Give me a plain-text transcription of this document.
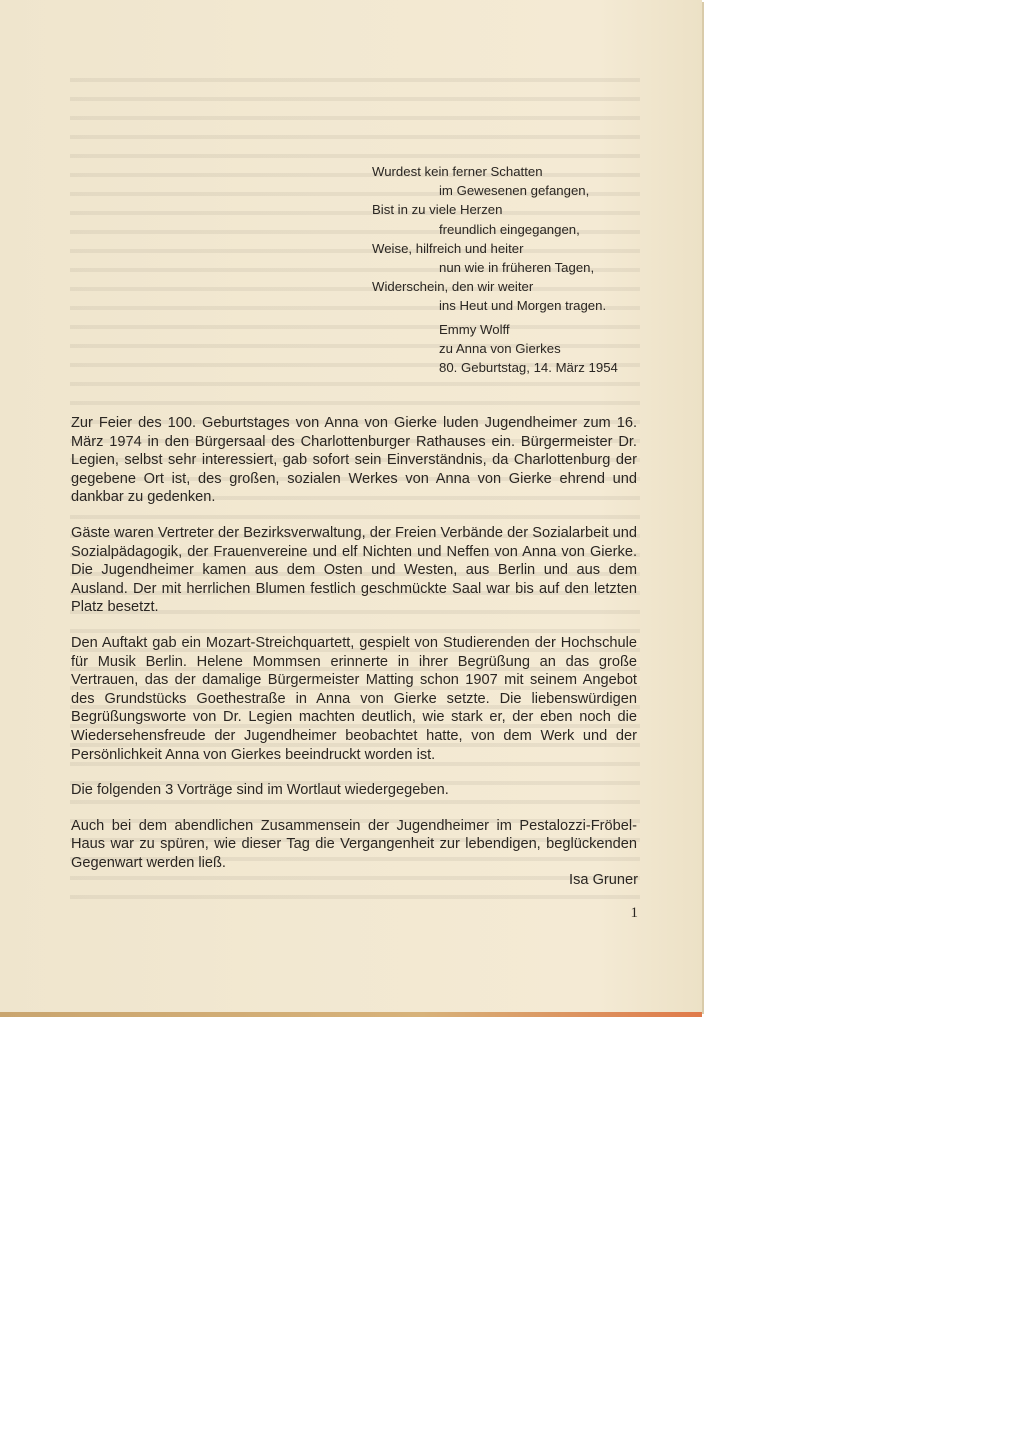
Wurdest kein ferner Schatten
im Gewesenen gefangen,
Bist in zu viele Herzen
freundlich eingegangen,
Weise, hilfreich und heiter
nun wie in früheren Tagen,
Widerschein, den wir weiter
ins Heut und Morgen tragen.
Emmy Wolff
zu Anna von Gierkes
80. Geburtstag, 14. März 1954

Zur Feier des 100. Geburtstages von Anna von Gierke luden Jugendheimer zum 16. März 1974 in den Bürgersaal des Charlottenburger Rathauses ein. Bürgermeister Dr. Legien, selbst sehr interessiert, gab sofort sein Einverständnis, da Charlottenburg der gegebene Ort ist, des großen, sozialen Werkes von Anna von Gierke ehrend und dankbar zu gedenken.

Gäste waren Vertreter der Bezirksverwaltung, der Freien Verbände der Sozialarbeit und Sozialpädagogik, der Frauenvereine und elf Nichten und Neffen von Anna von Gierke. Die Jugendheimer kamen aus dem Osten und Westen, aus Berlin und aus dem Ausland. Der mit herrlichen Blumen festlich geschmückte Saal war bis auf den letzten Platz besetzt.

Den Auftakt gab ein Mozart-Streichquartett, gespielt von Studierenden der Hochschule für Musik Berlin. Helene Mommsen erinnerte in ihrer Begrüßung an das große Vertrauen, das der damalige Bürgermeister Matting schon 1907 mit seinem Angebot des Grundstücks Goethestraße in Anna von Gierke setzte. Die liebenswürdigen Begrüßungsworte von Dr. Legien machten deutlich, wie stark er, der eben noch die Wiedersehensfreude der Jugendheimer beobachtet hatte, von dem Werk und der Persönlichkeit Anna von Gierkes beeindruckt worden ist.

Die folgenden 3 Vorträge sind im Wortlaut wiedergegeben.

Auch bei dem abendlichen Zusammensein der Jugendheimer im Pestalozzi-Fröbel-Haus war zu spüren, wie dieser Tag die Vergangenheit zur lebendigen, beglückenden Gegenwart werden ließ.

Isa Gruner
1
